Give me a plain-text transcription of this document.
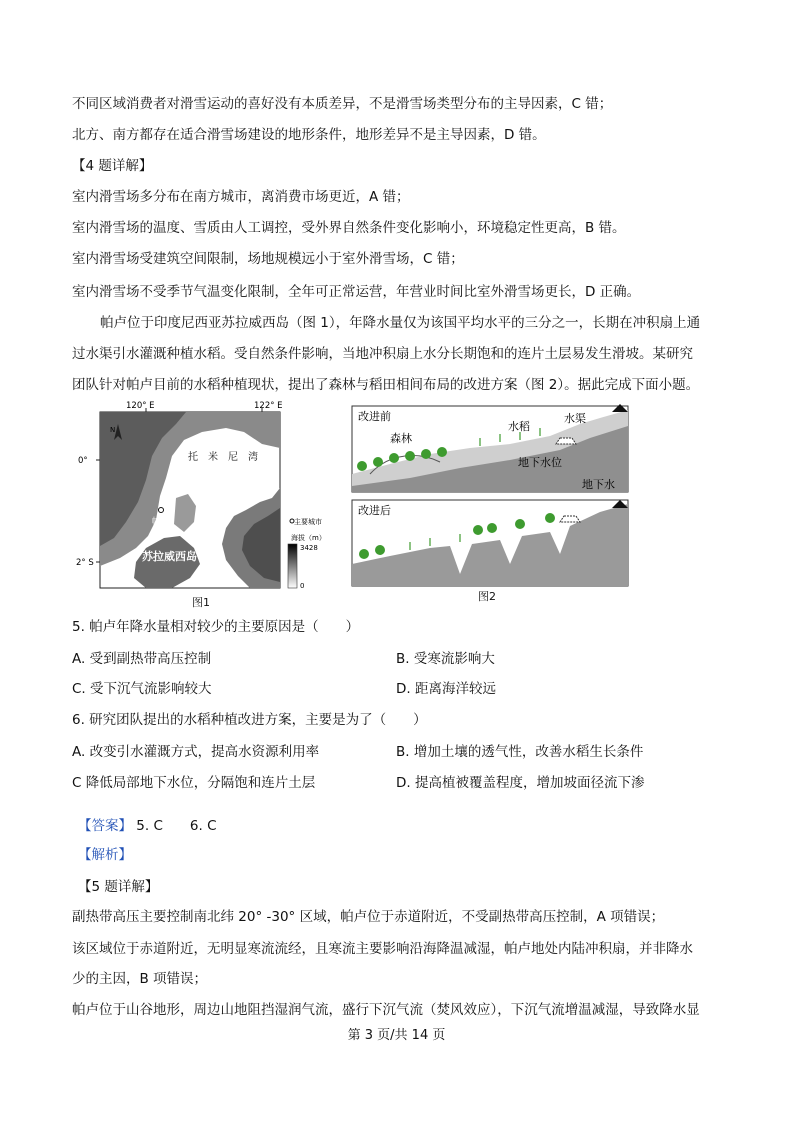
不同区域消费者对滑雪运动的喜好没有本质差异，不是滑雪场类型分布的主导因素，C 错；
北方、南方都存在适合滑雪场建设的地形条件，地形差异不是主导因素，D 错。
【4 题详解】
室内滑雪场多分布在南方城市，离消费市场更近，A 错；
室内滑雪场的温度、雪质由人工调控，受外界自然条件变化影响小，环境稳定性更高，B 错。
室内滑雪场受建筑空间限制，场地规模远小于室外滑雪场，C 错；
室内滑雪场不受季节气温变化限制，全年可正常运营，年营业时间比室外滑雪场更长，D 正确。
帕卢位于印度尼西亚苏拉威西岛（图 1），年降水量仅为该国平均水平的三分之一，长期在冲积扇上通
过水渠引水灌溉种植水稻。受自然条件影响，当地冲积扇上水分长期饱和的连片土层易发生滑坡。某研究
团队针对帕卢目前的水稻种植现状，提出了森林与稻田相间布局的改进方案（图 2）。据此完成下面小题。
120° E	122° E
0°
2° S
N
托　米　尼　湾
帕卢
苏拉威西岛
主要城市
海拔（m）
3428
0
图1
改进前
森林
水稻
水渠
地下水位
地下水
改进后
图2
5. 帕卢年降水量相对较少的主要原因是（　　）
A. 受到副热带高压控制	B. 受寒流影响大
C. 受下沉气流影响较大	D. 距离海洋较远
6. 研究团队提出的水稻种植改进方案，主要是为了（　　）
A. 改变引水灌溉方式，提高水资源利用率	B. 增加土壤的透气性，改善水稻生长条件
C 降低局部地下水位，分隔饱和连片土层	D. 提高植被覆盖程度，增加坡面径流下渗
【答案】 5. C　　6. C
【解析】
【5 题详解】
副热带高压主要控制南北纬 20° -30° 区域，帕卢位于赤道附近，不受副热带高压控制，A 项错误；
该区域位于赤道附近，无明显寒流流经，且寒流主要影响沿海降温减湿，帕卢地处内陆冲积扇，并非降水
少的主因，B 项错误；
帕卢位于山谷地形，周边山地阻挡湿润气流，盛行下沉气流（焚风效应），下沉气流增温减湿，导致降水显
第 3 页/共 14 页
